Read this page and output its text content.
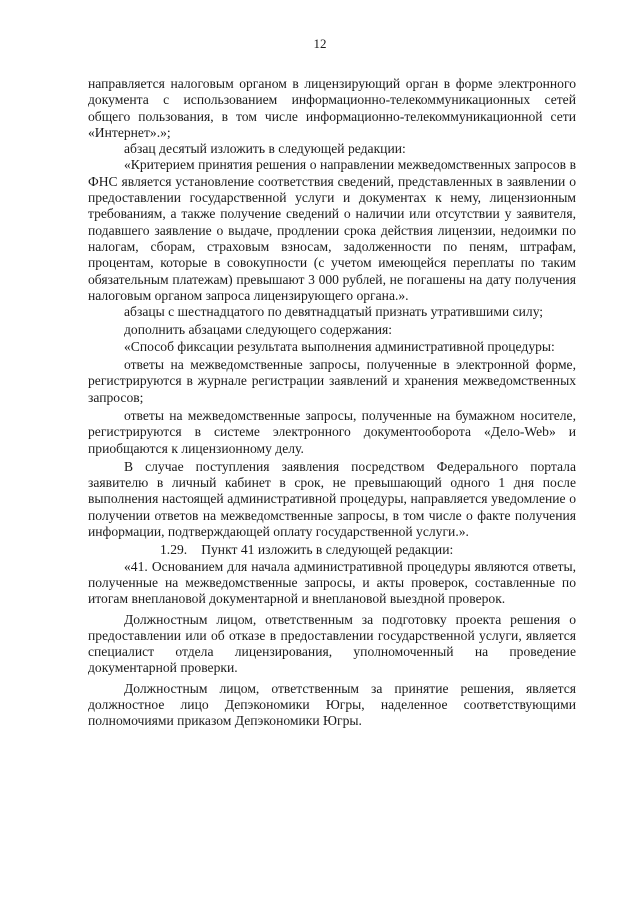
12

направляется налоговым органом в лицензирующий орган в форме электронного документа с использованием информационно-телекоммуникационных сетей общего пользования, в том числе информационно-телекоммуникационной сети «Интернет».»;

абзац десятый изложить в следующей редакции:

«Критерием принятия решения о направлении межведомственных запросов в ФНС является установление соответствия сведений, представленных в заявлении о предоставлении государственной услуги и документах к нему, лицензионным требованиям, а также получение сведений о наличии или отсутствии у заявителя, подавшего заявление о выдаче, продлении срока действия лицензии, недоимки по налогам, сборам, страховым взносам, задолженности по пеням, штрафам, процентам, которые в совокупности (с учетом имеющейся переплаты по таким обязательным платежам) превышают 3 000 рублей, не погашены на дату получения налоговым органом запроса лицензирующего органа.».

абзацы с шестнадцатого по девятнадцатый признать утратившими силу;

дополнить абзацами следующего содержания:

«Способ фиксации результата выполнения административной процедуры:

ответы на межведомственные запросы, полученные в электронной форме, регистрируются в журнале регистрации заявлений и хранения межведомственных запросов;

ответы на межведомственные запросы, полученные на бумажном носителе, регистрируются в системе электронного документооборота «Дело-Web» и приобщаются к лицензионному делу.

В случае поступления заявления посредством Федерального портала заявителю в личный кабинет в срок, не превышающий одного 1 дня после выполнения настоящей административной процедуры, направляется уведомление о получении ответов на межведомственные запросы, в том числе о факте получения информации, подтверждающей оплату государственной услуги.».

1.29. Пункт 41 изложить в следующей редакции:

«41. Основанием для начала административной процедуры являются ответы, полученные на межведомственные запросы, и акты проверок, составленные по итогам внеплановой документарной и внеплановой выездной проверок.

Должностным лицом, ответственным за подготовку проекта решения о предоставлении или об отказе в предоставлении государственной услуги, является специалист отдела лицензирования, уполномоченный на проведение документарной проверки.

Должностным лицом, ответственным за принятие решения, является должностное лицо Депэкономики Югры, наделенное соответствующими полномочиями приказом Депэкономики Югры.
